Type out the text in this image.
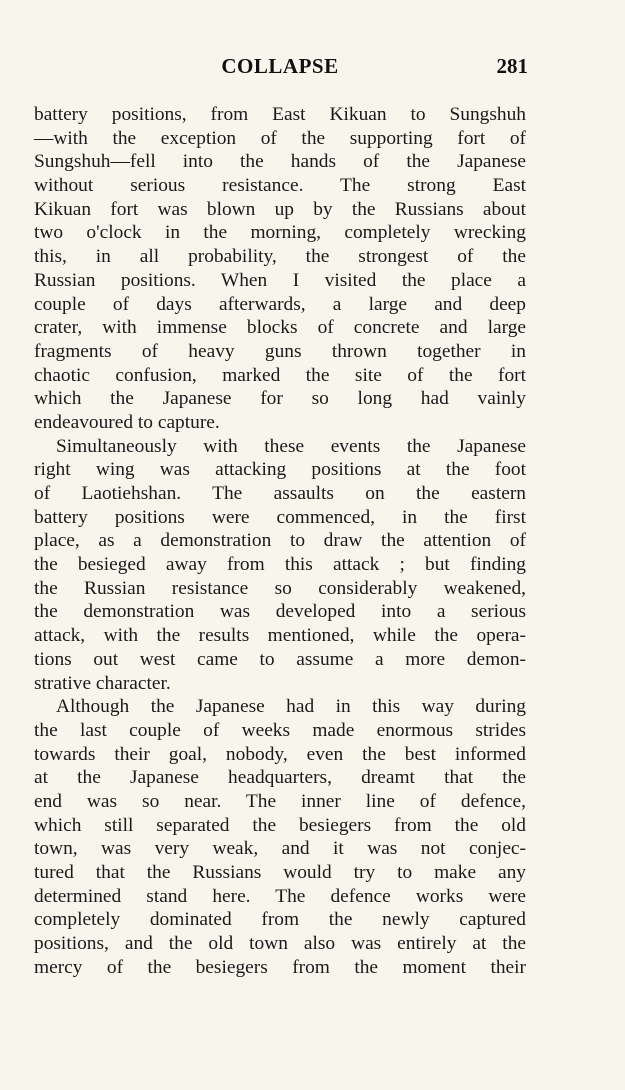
COLLAPSE	281
battery positions, from East Kikuan to Sungshuh
—with the exception of the supporting fort of
Sungshuh—fell into the hands of the Japanese
without serious resistance. The strong East
Kikuan fort was blown up by the Russians about
two o'clock in the morning, completely wrecking
this, in all probability, the strongest of the
Russian positions. When I visited the place a
couple of days afterwards, a large and deep
crater, with immense blocks of concrete and large
fragments of heavy guns thrown together in
chaotic confusion, marked the site of the fort
which the Japanese for so long had vainly
endeavoured to capture.
Simultaneously with these events the Japanese
right wing was attacking positions at the foot
of Laotiehshan. The assaults on the eastern
battery positions were commenced, in the first
place, as a demonstration to draw the attention of
the besieged away from this attack ; but finding
the Russian resistance so considerably weakened,
the demonstration was developed into a serious
attack, with the results mentioned, while the opera-
tions out west came to assume a more demon-
strative character.
Although the Japanese had in this way during
the last couple of weeks made enormous strides
towards their goal, nobody, even the best informed
at the Japanese headquarters, dreamt that the
end was so near. The inner line of defence,
which still separated the besiegers from the old
town, was very weak, and it was not conjec-
tured that the Russians would try to make any
determined stand here. The defence works were
completely dominated from the newly captured
positions, and the old town also was entirely at the
mercy of the besiegers from the moment their
